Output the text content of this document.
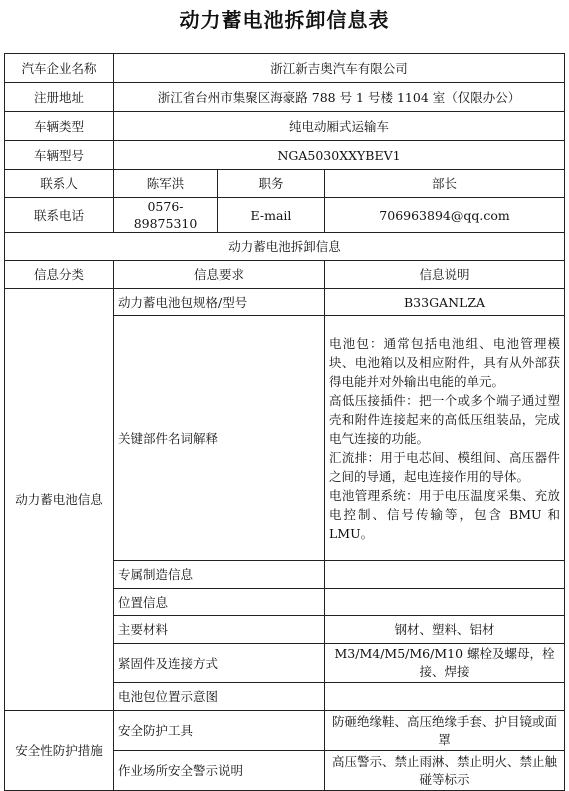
动力蓄电池拆卸信息表
汽车企业名称	浙江新吉奥汽车有限公司		
注册地址	浙江省台州市集聚区海豪路 788 号 1 号楼 1104 室（仅限办公）		
车辆类型	纯电动厢式运输车		
车辆型号	NGA5030XXYBEV1		
联系人	陈军洪	职务	部长
联系电话	0576-89875310	E-mail	706963894@qq.com
动力蓄电池拆卸信息			
信息分类	信息要求		信息说明
动力蓄电池信息	动力蓄电池包规格/型号		B33GANLZA
	关键部件名词解释		电池包：通常包括电池组、电池管理模块、电池箱以及相应附件，具有从外部获得电能并对外输出电能的单元。

高低压接插件：把一个或多个端子通过塑壳和附件连接起来的高低压组装品，完成电气连接的功能。

汇流排：用于电芯间、模组间、高压器件之间的导通，起电连接作用的导体。

电池管理系统：用于电压温度采集、充放电控制、信号传输等，包含 BMU 和 LMU。

	专属制造信息		
	位置信息		
	主要材料		钢材、塑料、铝材
	紧固件及连接方式		M3/M4/M5/M6/M10 螺栓及螺母，栓接、焊接
	电池包位置示意图		
安全性防护措施	安全防护工具		防砸绝缘鞋、高压绝缘手套、护目镜或面罩
	作业场所安全警示说明		高压警示、禁止雨淋、禁止明火、禁止触碰等标示
